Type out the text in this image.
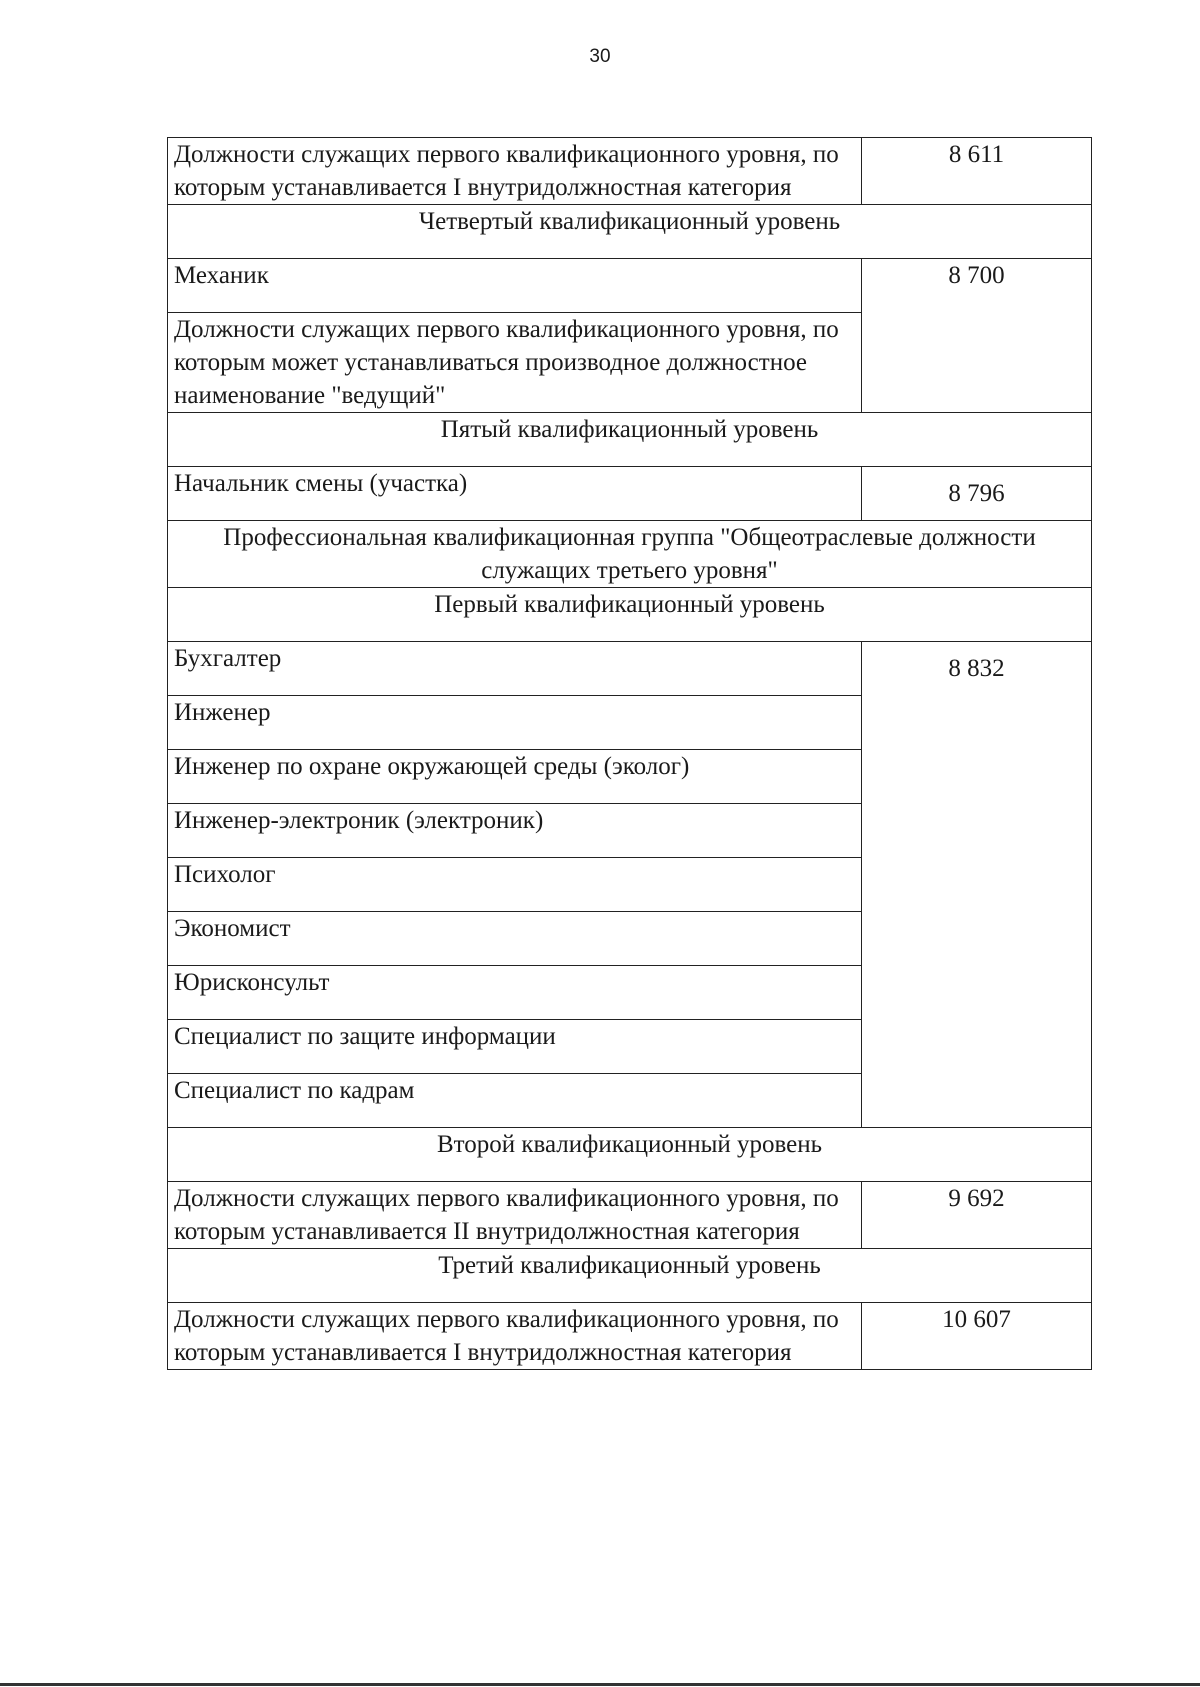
30
Должности служащих первого квалификационного уровня, по которым устанавливается I внутридолжностная категория	8 611
Четвертый квалификационный уровень	
Механик	8 700
Должности служащих первого квалификационного уровня, по которым может устанавливаться производное должностное наименование "ведущий"	
Пятый квалификационный уровень	
Начальник смены (участка)	8 796
Профессиональная квалификационная группа "Общеотраслевые должности служащих третьего уровня"	
Первый квалификационный уровень	
Бухгалтер	8 832
Инженер	
Инженер по охране окружающей среды (эколог)	
Инженер-электроник (электроник)	
Психолог	
Экономист	
Юрисконсульт	
Специалист по защите информации	
Специалист по кадрам	
Второй квалификационный уровень	
Должности служащих первого квалификационного уровня, по которым устанавливается II внутридолжностная категория	9 692
Третий квалификационный уровень	
Должности служащих первого квалификационного уровня, по которым устанавливается I внутридолжностная категория	10 607
